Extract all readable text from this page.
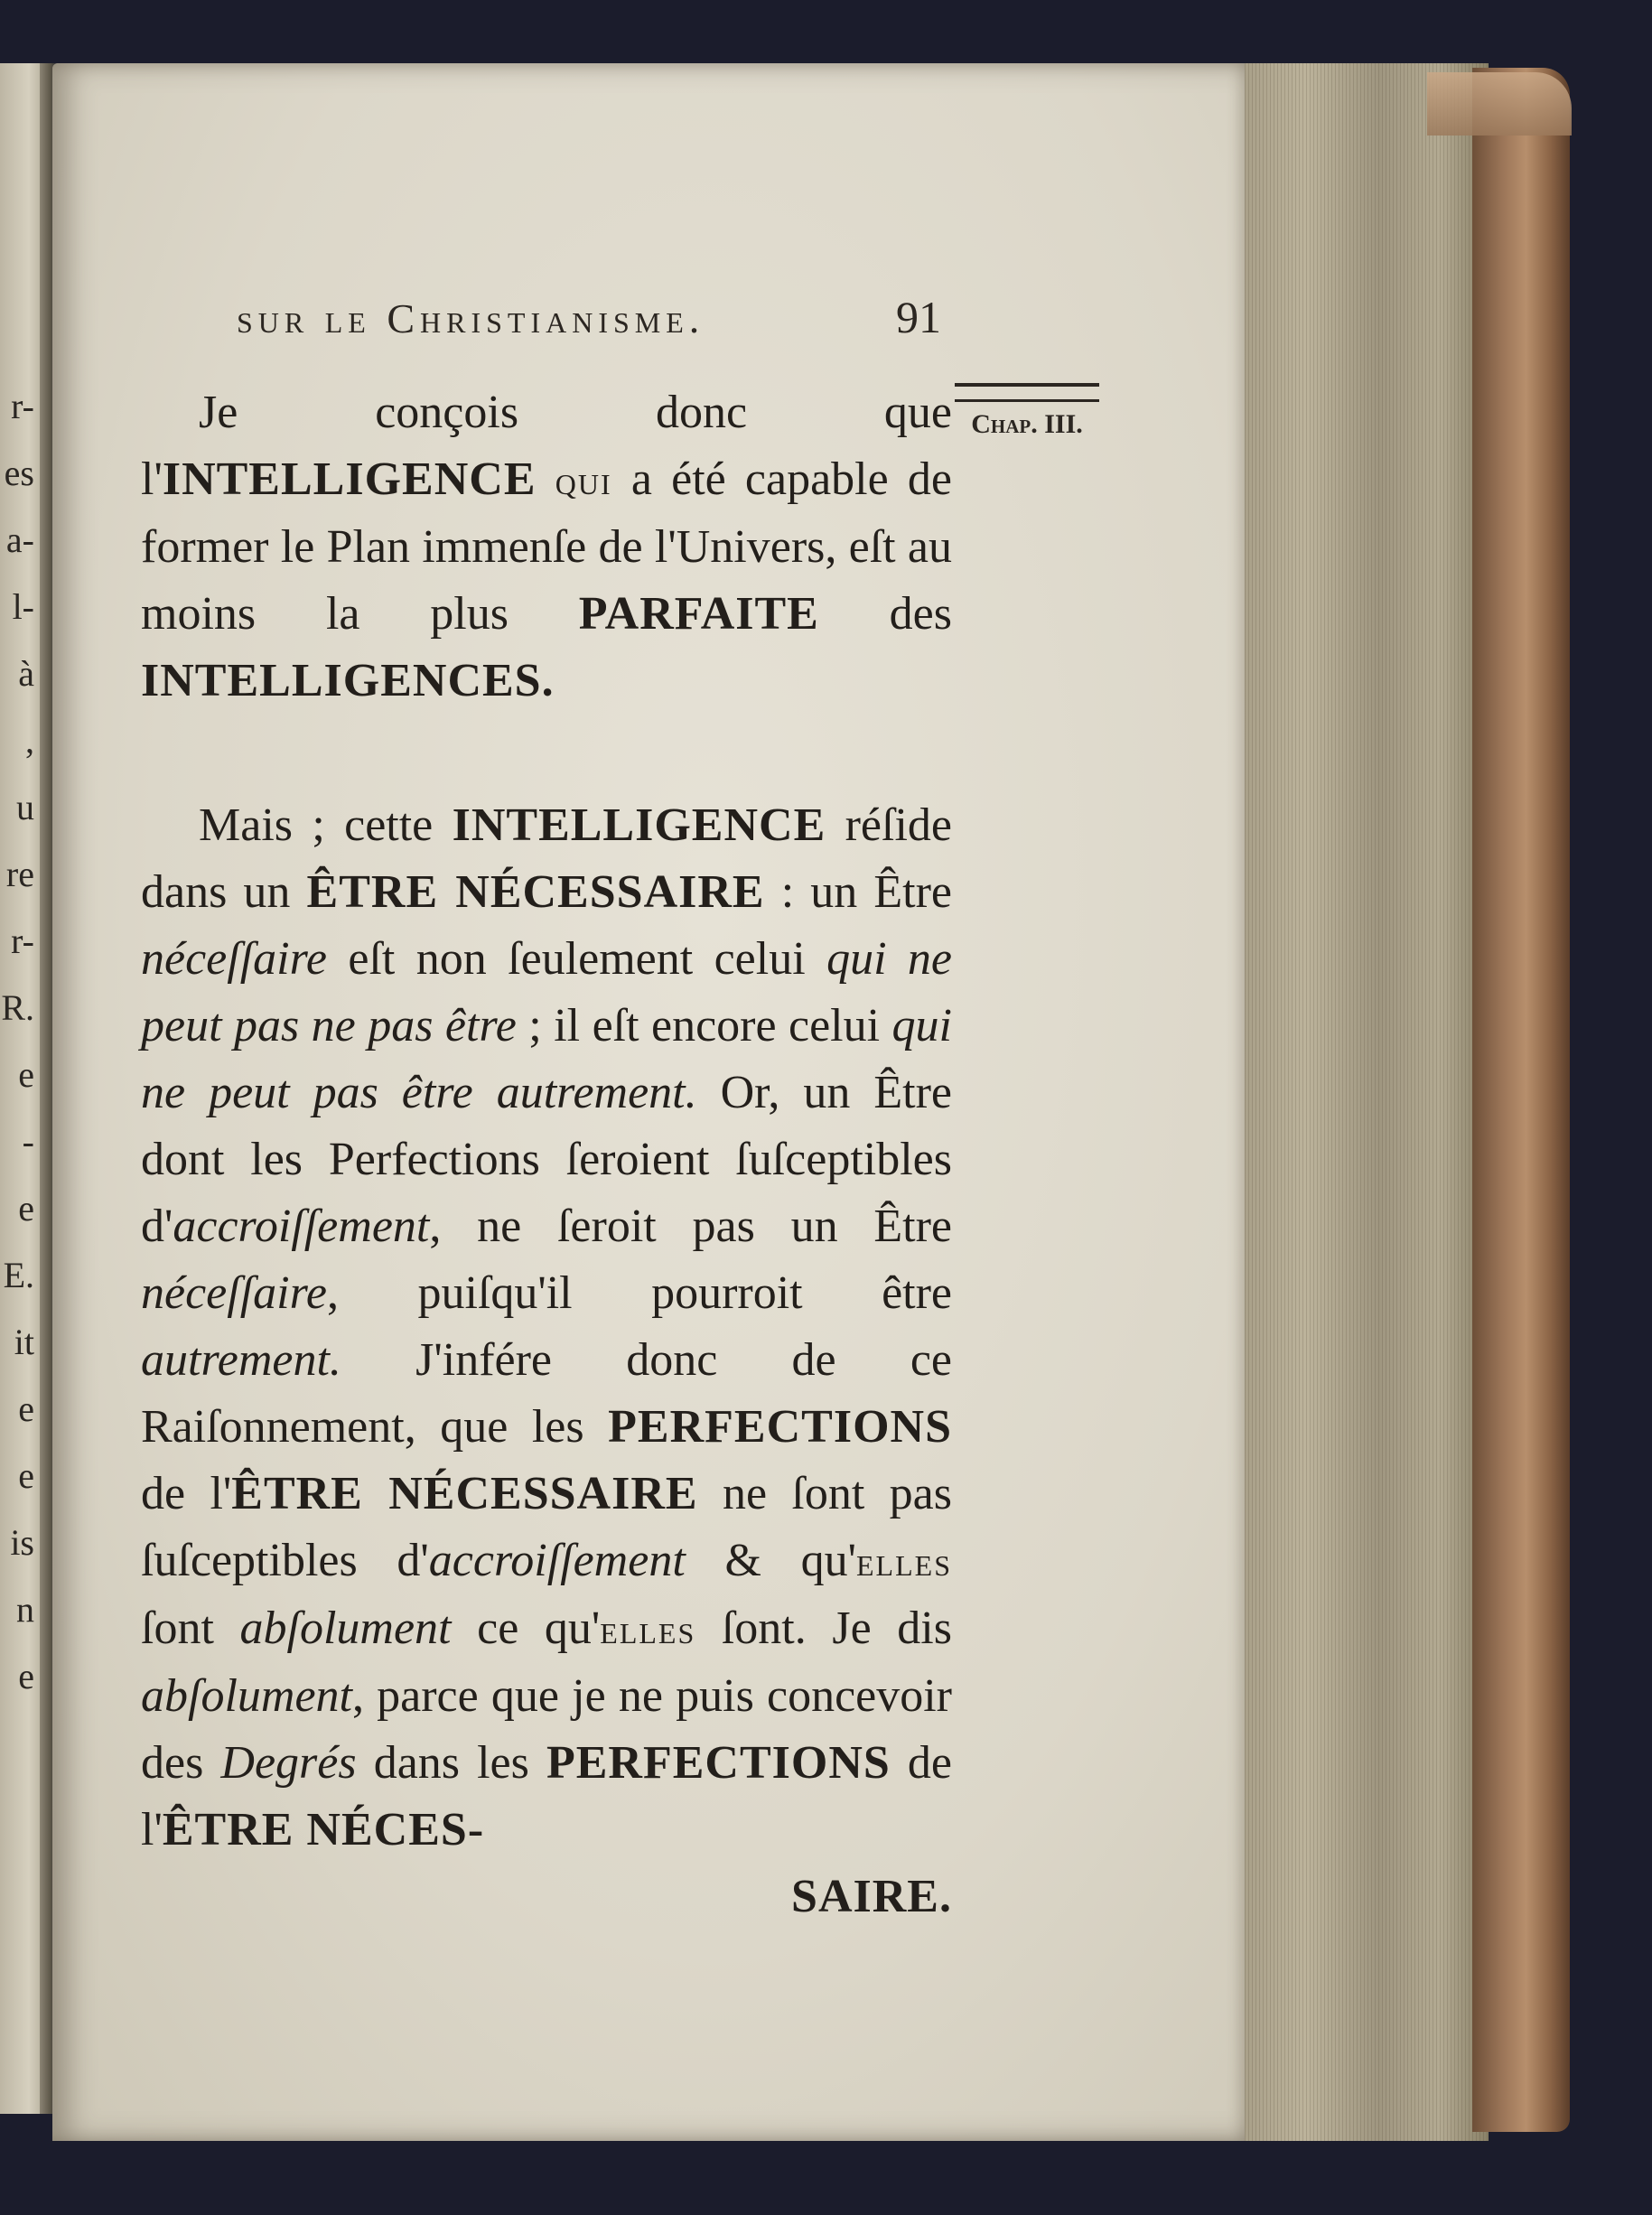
r-
es
a-
l-
à
,
u
re
r-
R.
e
-
e
E.
it
e
e
is
n
e
sur le Christianisme.	91
Chap. III.

Je conçois donc que l'INTELLIGENCE qui a été capable de former le Plan immenſe de l'Univers, eſt au moins la plus PARFAITE des INTELLIGENCES.

Mais ; cette INTELLIGENCE réſide dans un ÊTRE NÉCESSAIRE : un Être néceſſaire eſt non ſeulement celui qui ne peut pas ne pas être ; il eſt encore celui qui ne peut pas être autrement. Or, un Être dont les Perfections ſeroient ſuſceptibles d'accroiſſement, ne ſeroit pas un Être néceſſaire, puiſqu'il pourroit être autrement. J'infére donc de ce Raiſonnement, que les PERFECTIONS de l'ÊTRE NÉCESSAIRE ne ſont pas ſuſceptibles d'accroiſſement & qu'elles ſont abſolument ce qu'elles ſont. Je dis abſolument, parce que je ne puis concevoir des Degrés dans les PERFECTIONS de l'ÊTRE NÉCES-

SAIRE.
